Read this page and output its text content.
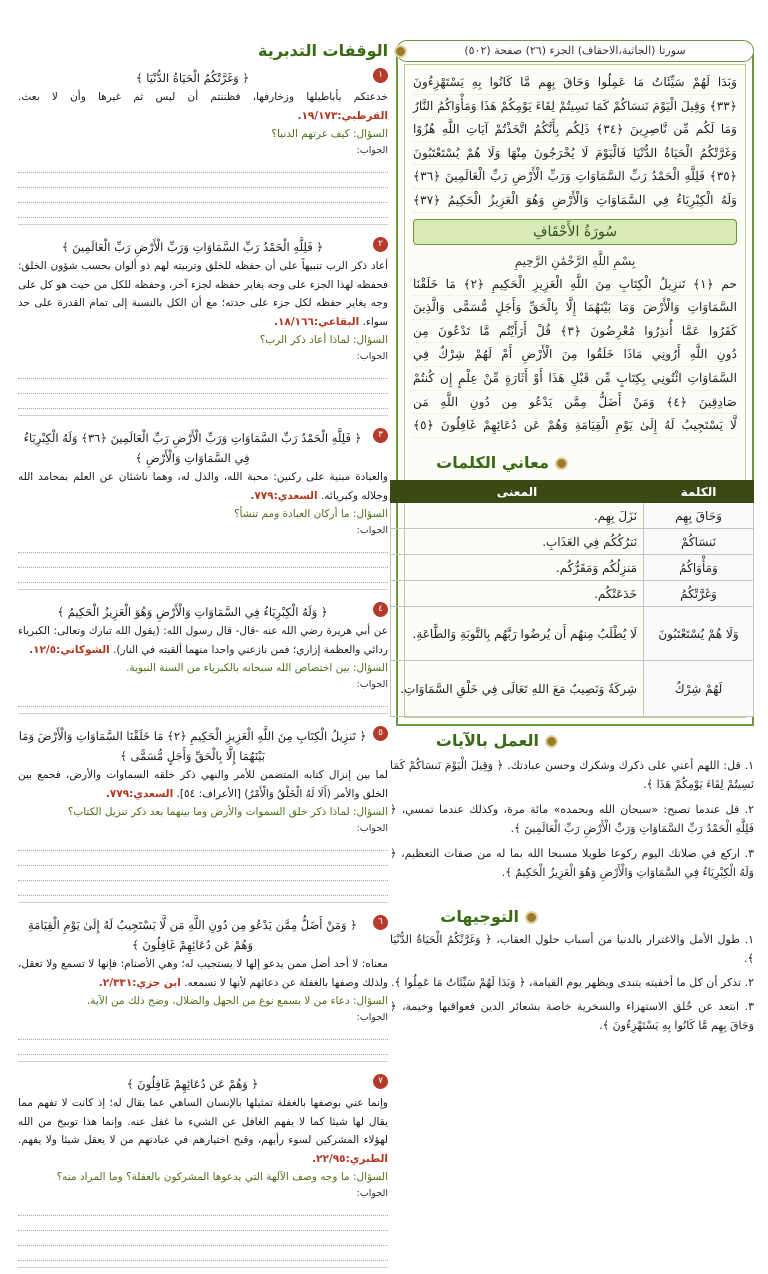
وَبَدَا لَهُمْ سَيِّئَاتُ مَا عَمِلُوا وَحَاقَ بِهِم مَّا كَانُوا بِهِ يَسْتَهْزِءُونَ
﴿٣٣﴾ وَقِيلَ الْيَوْمَ نَنسَاكُمْ كَمَا نَسِيتُمْ لِقَاءَ يَوْمِكُمْ هَذَا وَمَأْوَاكُمُ النَّارُ
وَمَا لَكُم مِّن نَّاصِرِينَ ﴿٣٤﴾ ذَلِكُم بِأَنَّكُمُ اتَّخَذْتُمْ آيَاتِ اللَّهِ هُزُوًا
وَغَرَّتْكُمُ الْحَيَاةُ الدُّنْيَا فَالْيَوْمَ لَا يُخْرَجُونَ مِنْهَا وَلَا هُمْ يُسْتَعْتَبُونَ
﴿٣٥﴾ فَلِلَّهِ الْحَمْدُ رَبِّ السَّمَاوَاتِ وَرَبِّ الْأَرْضِ رَبِّ الْعَالَمِينَ ﴿٣٦﴾
وَلَهُ الْكِبْرِيَاءُ فِي السَّمَاوَاتِ وَالْأَرْضِ وَهُوَ الْعَزِيزُ الْحَكِيمُ ﴿٣٧﴾
سُورَةُ الأَحْقَافِ
بِسْمِ اللَّهِ الرَّحْمَٰنِ الرَّحِيمِ
حم ﴿١﴾ تَنزِيلُ الْكِتَابِ مِنَ اللَّهِ الْعَزِيزِ الْحَكِيمِ ﴿٢﴾ مَا خَلَقْنَا
السَّمَاوَاتِ وَالْأَرْضَ وَمَا بَيْنَهُمَا إِلَّا بِالْحَقِّ وَأَجَلٍ مُّسَمًّى وَالَّذِينَ
كَفَرُوا عَمَّا أُنذِرُوا مُعْرِضُونَ ﴿٣﴾ قُلْ أَرَأَيْتُم مَّا تَدْعُونَ مِن
دُونِ اللَّهِ أَرُونِي مَاذَا خَلَقُوا مِنَ الْأَرْضِ أَمْ لَهُمْ شِرْكٌ فِي
السَّمَاوَاتِ ائْتُونِي بِكِتَابٍ مِّن قَبْلِ هَذَا أَوْ أَثَارَةٍ مِّنْ عِلْمٍ إِن كُنتُمْ
صَادِقِينَ ﴿٤﴾ وَمَنْ أَضَلُّ مِمَّن يَدْعُو مِن دُونِ اللَّهِ مَن
لَّا يَسْتَجِيبُ لَهُ إِلَىٰ يَوْمِ الْقِيَامَةِ وَهُمْ عَن دُعَائِهِمْ غَافِلُونَ ﴿٥﴾
سورتا (الجاثية،الاحقاف) الجزء (٢٦) صفحة (٥٠٢)
معاني الكلمات
الكلمة	المعنى
وَحَاقَ بِهِم	نَزَلَ بِهِم.
نَنسَاكُمْ	نَترُكُكُم فِي العَذَابِ.
وَمَأْوَاكُمُ	مَنزِلُكُم وَمَقَرُّكُم.
وَغَرَّتْكُمُ	خَدَعَتْكُم.
وَلَا هُمْ يُسْتَعْتَبُونَ	لَا يُطْلَبُ مِنهُم أَن يُرضُوا رَبَّهُم بِالتَّوبَةِ وَالطَّاعَةِ.
لَهُمْ شِرْكٌ	شِركَةٌ وَنَصِيبٌ مَعَ اللهِ تَعَالَى فِي خَلْقِ السَّمَاوَاتِ.
العمل بالآيات

١. قل: اللهم أعني على ذكرك وشكرك وحسن عبادتك. ﴿ وَقِيلَ الْيَوْمَ نَنسَاكُمْ كَمَا نَسِيتُمْ لِقَاءَ يَوْمِكُمْ هَذَا ﴾.

٢. قل عندما تصبح: «سبحان الله وبحمده» مائة مرة، وكذلك عندما تمسي، ﴿ فَلِلَّهِ الْحَمْدُ رَبِّ السَّمَاوَاتِ وَرَبِّ الْأَرْضِ رَبِّ الْعَالَمِينَ ﴾.

٣. اركع في صلاتك اليوم ركوعا طويلا مسبحا الله بما له من صفات التعظيم، ﴿ وَلَهُ الْكِبْرِيَاءُ فِي السَّمَاوَاتِ وَالْأَرْضِ وَهُوَ الْعَزِيزُ الْحَكِيمُ ﴾.

التوجيهات

١. طول الأمل والاغترار بالدنيا من أسباب حلول العقاب، ﴿ وَغَرَّتْكُمُ الْحَيَاةُ الدُّنْيَا ﴾.

٢. تذكر أن كل ما أخفيته يتبدى ويظهر يوم القيامة، ﴿ وَبَدَا لَهُمْ سَيِّئَاتُ مَا عَمِلُوا ﴾.

٣. ابتعد عن خُلق الاستهزاء والسخرية خاصة بشعائر الدين فعواقبها وخيمة، ﴿ وَحَاقَ بِهِم مَّا كَانُوا بِهِ يَسْتَهْزِءُونَ ﴾.

الوقفات التدبرية
١
﴿ وَغَرَّتْكُمُ الْحَيَاةُ الدُّنْيَا ﴾

خدعتكم بأباطيلها وزخارفها، فظننتم أن ليس ثم غيرها وأن لا بعث. القرطبي:١٩/١٧٣.

السؤال: كيف غرتهم الدنيا؟
الجواب:
٢
﴿ فَلِلَّهِ الْحَمْدُ رَبِّ السَّمَاوَاتِ وَرَبِّ الْأَرْضِ رَبِّ الْعَالَمِينَ ﴾

أعاد ذكر الرب تنبيهاً على أن حفظه للخلق وتربيته لهم ذو ألوان بحسب شؤون الخلق: فحفظه لهذا الجزء على وجه يغاير حفظه لجزء آخر، وحفظه للكل من حيث هو كل على وجه يغاير حفظه لكل جزء على حدته؛ مع أن الكل بالنسبة إلى تمام القدرة على حد سواء. البقاعي:١٨/١٦٦.

السؤال: لماذا أعاد ذكر الرب؟
الجواب:
٣
﴿ فَلِلَّهِ الْحَمْدُ رَبِّ السَّمَاوَاتِ وَرَبِّ الْأَرْضِ رَبِّ الْعَالَمِينَ ﴿٣٦﴾ وَلَهُ الْكِبْرِيَاءُ فِي السَّمَاوَاتِ وَالْأَرْضِ ﴾

والعبادة مبنية على ركنين: محبة الله، والذل له، وهما ناشئان عن العلم بمحامد الله وجلاله وكبريائه. السعدي:٧٧٩.

السؤال: ما أركان العبادة ومم تنشأ؟
الجواب:
٤
﴿ وَلَهُ الْكِبْرِيَاءُ فِي السَّمَاوَاتِ وَالْأَرْضِ وَهُوَ الْعَزِيزُ الْحَكِيمُ ﴾

عن أبي هريرة رضي الله عنه -قال- قال رسول الله: (يقول الله تبارك وتعالى: الكبرياء ردائي والعظمة إزاري؛ فمن نازعني واحدا منهما ألقيته في النار). الشوكاني:١٢/٥.

السؤال: بين اختصاص الله سبحانه بالكبرياء من السنة النبوية.
الجواب:
٥
﴿ تَنزِيلُ الْكِتَابِ مِنَ اللَّهِ الْعَزِيزِ الْحَكِيمِ ﴿٢﴾ مَا خَلَقْنَا السَّمَاوَاتِ وَالْأَرْضَ وَمَا بَيْنَهُمَا إِلَّا بِالْحَقِّ وَأَجَلٍ مُّسَمًّى ﴾

لما بين إنزال كتابه المتضمن للأمر والنهي ذكر خلقه السماوات والأرض، فجمع بين الخلق والأمر (أَلَا لَهُ الْخَلْقُ وَالْأَمْرُ) [الأعراف: ٥٤]. السعدي:٧٧٩.

السؤال: لماذا ذكر خلق السموات والأرض وما بينهما بعد ذكر تنزيل الكتاب؟
الجواب:
٦
﴿ وَمَنْ أَضَلُّ مِمَّن يَدْعُو مِن دُونِ اللَّهِ مَن لَّا يَسْتَجِيبُ لَهُ إِلَىٰ يَوْمِ الْقِيَامَةِ وَهُمْ عَن دُعَائِهِمْ غَافِلُونَ ﴾

معناه: لا أحد أضل ممن يدعو إلها لا يستجيب له؛ وهي الأصنام: فإنها لا تسمع ولا تعقل، ولذلك وصفها بالغفلة عن دعائهم لأنها لا تسمعه. ابن جزي:٢/٣٣١.

السؤال: دعاء من لا يسمع نوع من الجهل والضلال، وضح ذلك من الآية.
الجواب:
٧
﴿ وَهُمْ عَن دُعَائِهِمْ غَافِلُونَ ﴾

وإنما عني بوصفها بالغفلة تمثيلها بالإنسان الساهي عما يقال له؛ إذ كانت لا تفهم مما يقال لها شيئا كما لا يفهم الغافل عن الشيء ما غفل عنه. وإنما هذا توبيخ من الله لهؤلاء المشركين لسوء رأيهم، وقبح اختيارهم في عبادتهم من لا يعقل شيئا ولا يفهم. الطبري:٢٢/٩٥.

السؤال: ما وجه وصف الآلهة التي يدعوها المشركون بالغفلة؟ وما المراد منه؟
الجواب:
